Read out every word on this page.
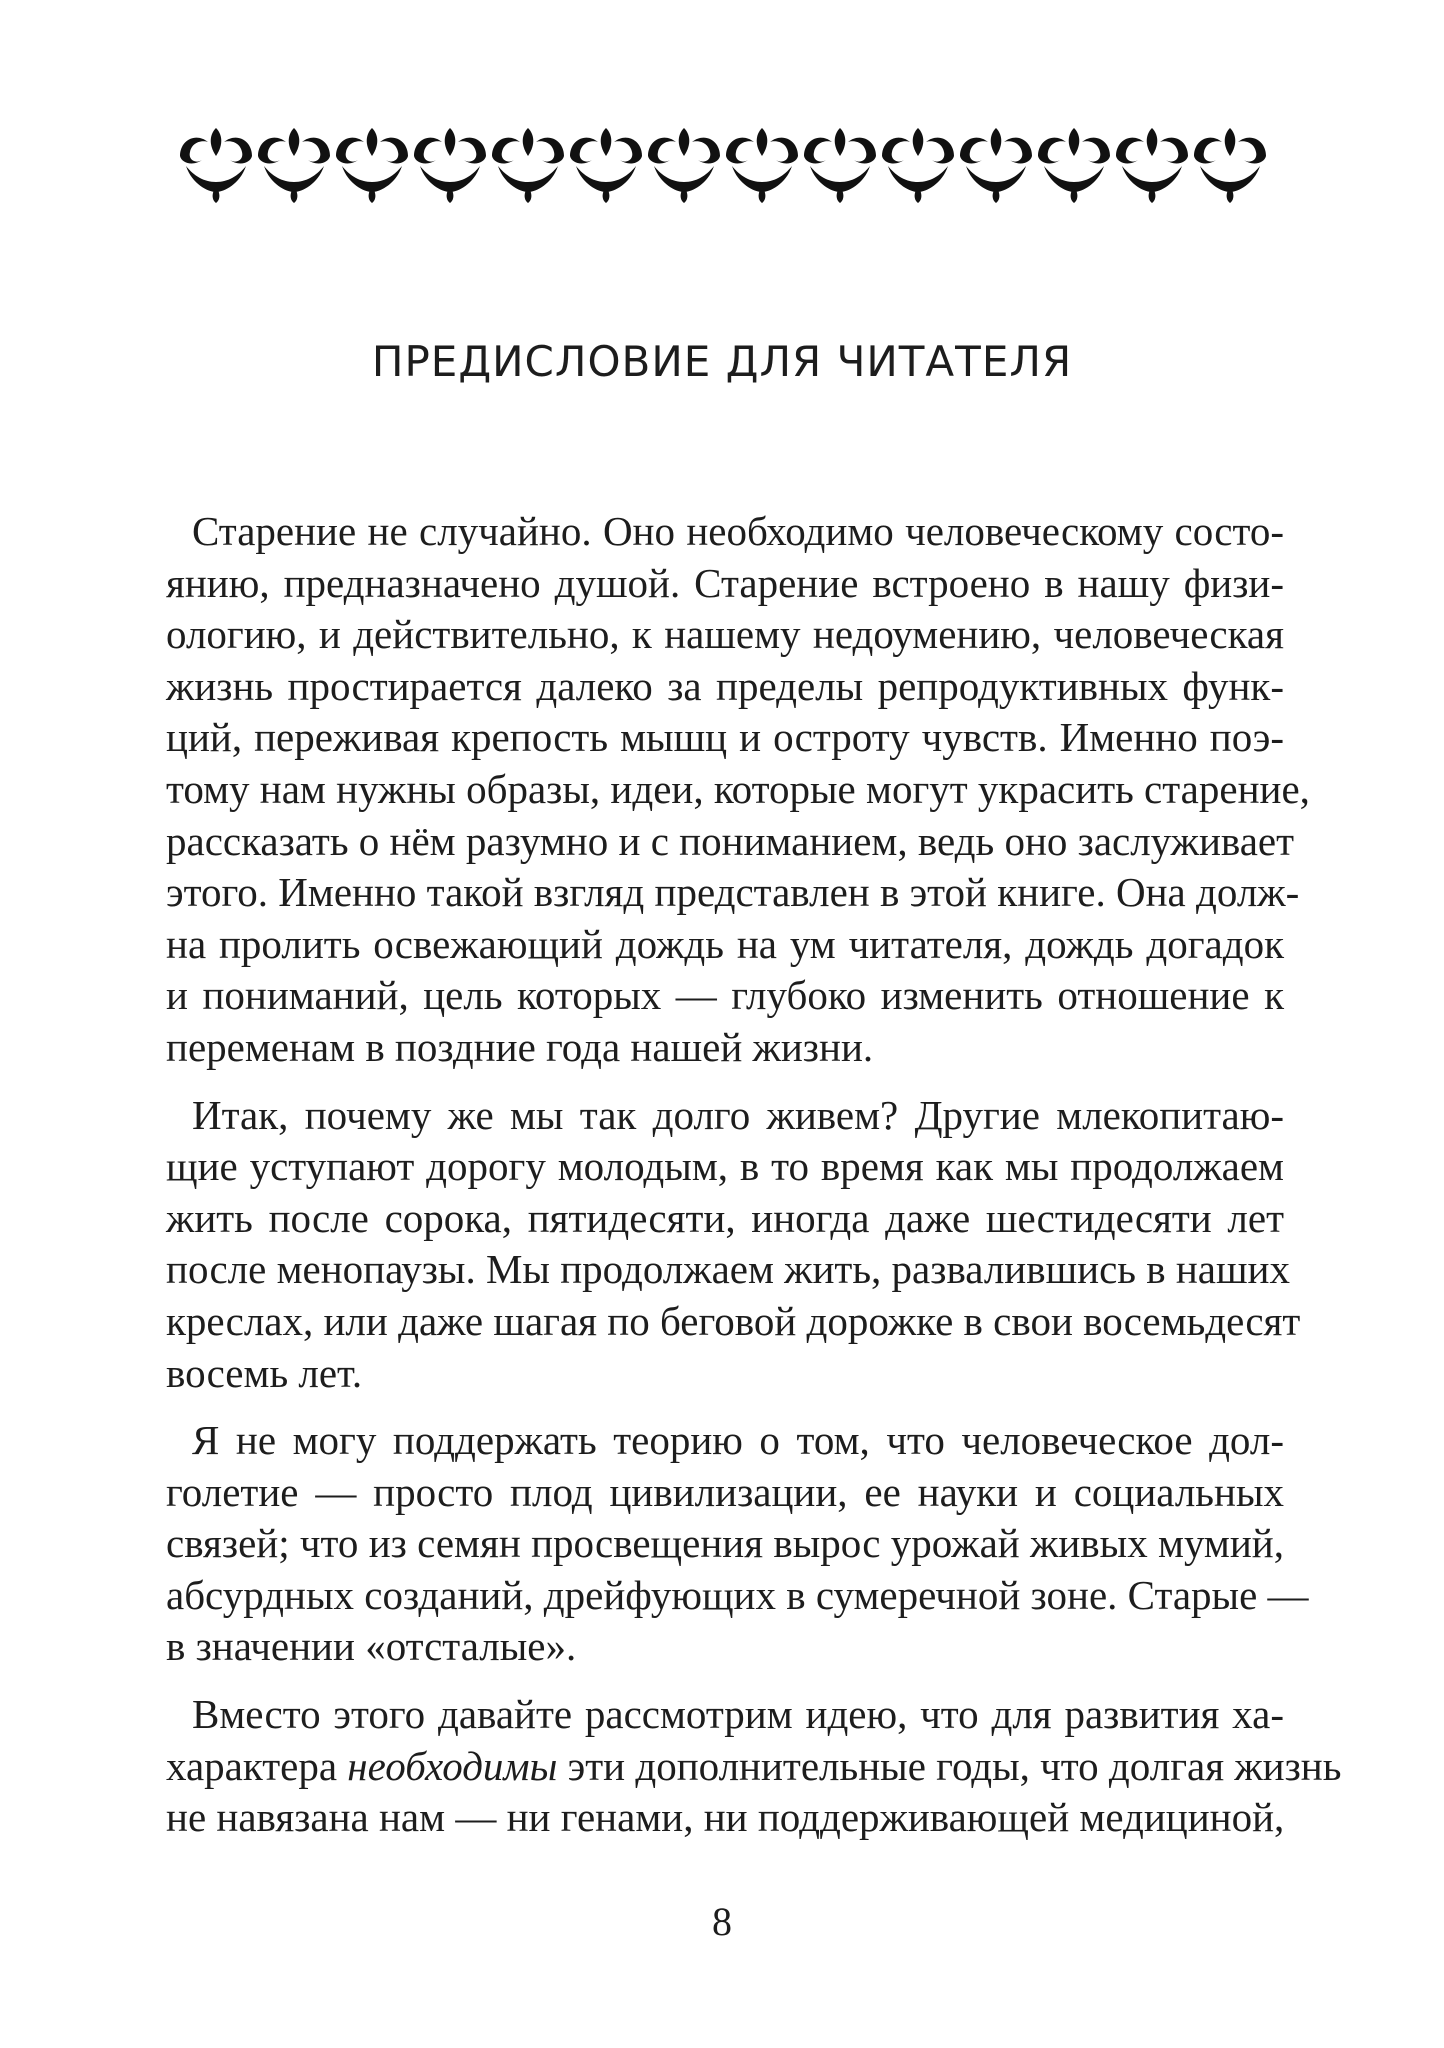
ПРЕДИСЛОВИЕ ДЛЯ ЧИТАТЕЛЯ
Старение не случайно. Оно необходимо человеческому состо-
янию, предназначено душой. Старение встроено в нашу физи-
ологию, и действительно, к нашему недоумению, человеческая
жизнь простирается далеко за пределы репродуктивных функ-
ций, переживая крепость мышц и остроту чувств. Именно поэ-
тому нам нужны образы, идеи, которые могут украсить старение,
рассказать о нём разумно и с пониманием, ведь оно заслуживает
этого. Именно такой взгляд представлен в этой книге. Она долж-
на пролить освежающий дождь на ум читателя, дождь догадок
и пониманий, цель которых — глубоко изменить отношение к
переменам в поздние года нашей жизни.
Итак, почему же мы так долго живем? Другие млекопитаю-
щие уступают дорогу молодым, в то время как мы продолжаем
жить после сорока, пятидесяти, иногда даже шестидесяти лет
после менопаузы. Мы продолжаем жить, развалившись в наших
креслах, или даже шагая по беговой дорожке в свои восемьдесят
восемь лет.
Я не могу поддержать теорию о том, что человеческое дол-
голетие — просто плод цивилизации, ее науки и социальных
связей; что из семян просвещения вырос урожай живых мумий,
абсурдных созданий, дрейфующих в сумеречной зоне. Старые —
в значении «отсталые».
Вместо этого давайте рассмотрим идею, что для развития ха-
характера необходимы эти дополнительные годы, что долгая жизнь
не навязана нам — ни генами, ни поддерживающей медициной,
8
